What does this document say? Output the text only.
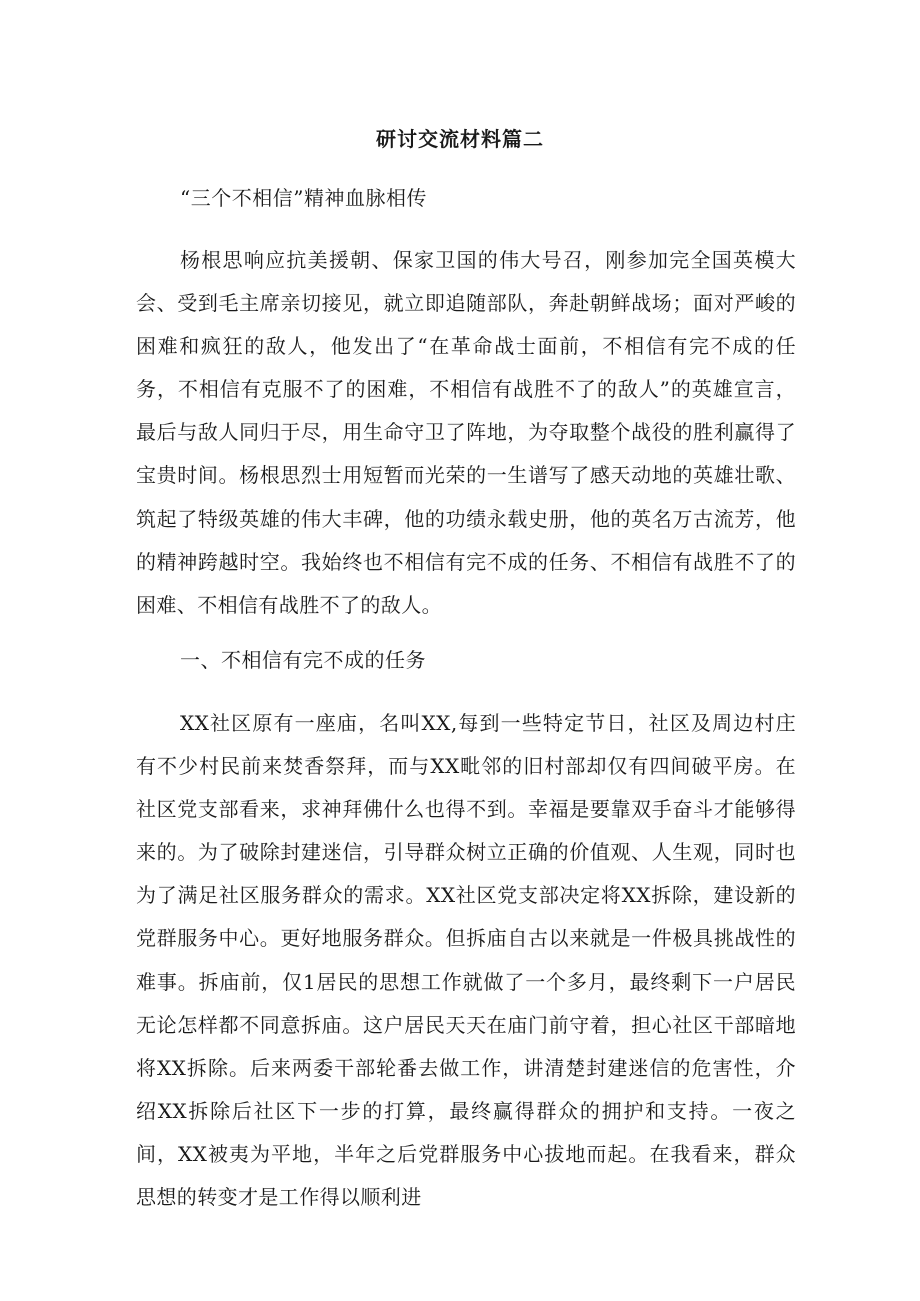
研讨交流材料篇二
“三个不相信”精神血脉相传

杨根思响应抗美援朝、保家卫国的伟大号召，刚参加完全国英模大会、受到毛主席亲切接见，就立即追随部队，奔赴朝鲜战场；面对严峻的困难和疯狂的敌人，他发出了“在革命战士面前，不相信有完不成的任务，不相信有克服不了的困难，不相信有战胜不了的敌人”的英雄宣言，最后与敌人同归于尽，用生命守卫了阵地，为夺取整个战役的胜利赢得了宝贵时间。杨根思烈士用短暂而光荣的一生谱写了感天动地的英雄壮歌、筑起了特级英雄的伟大丰碑，他的功绩永载史册，他的英名万古流芳，他的精神跨越时空。我始终也不相信有完不成的任务、不相信有战胜不了的困难、不相信有战胜不了的敌人。

一、不相信有完不成的任务

XX社区原有一座庙，名叫XX,每到一些特定节日，社区及周边村庄有不少村民前来焚香祭拜，而与XX毗邻的旧村部却仅有四间破平房。在社区党支部看来，求神拜佛什么也得不到。幸福是要靠双手奋斗才能够得来的。为了破除封建迷信，引导群众树立正确的价值观、人生观，同时也为了满足社区服务群众的需求。XX社区党支部决定将XX拆除，建设新的党群服务中心。更好地服务群众。但拆庙自古以来就是一件极具挑战性的难事。拆庙前，仅1居民的思想工作就做了一个多月，最终剩下一户居民无论怎样都不同意拆庙。这户居民天天在庙门前守着，担心社区干部暗地将XX拆除。后来两委干部轮番去做工作，讲清楚封建迷信的危害性，介绍XX拆除后社区下一步的打算，最终赢得群众的拥护和支持。一夜之间，XX被夷为平地，半年之后党群服务中心拔地而起。在我看来，群众思想的转变才是工作得以顺利进
